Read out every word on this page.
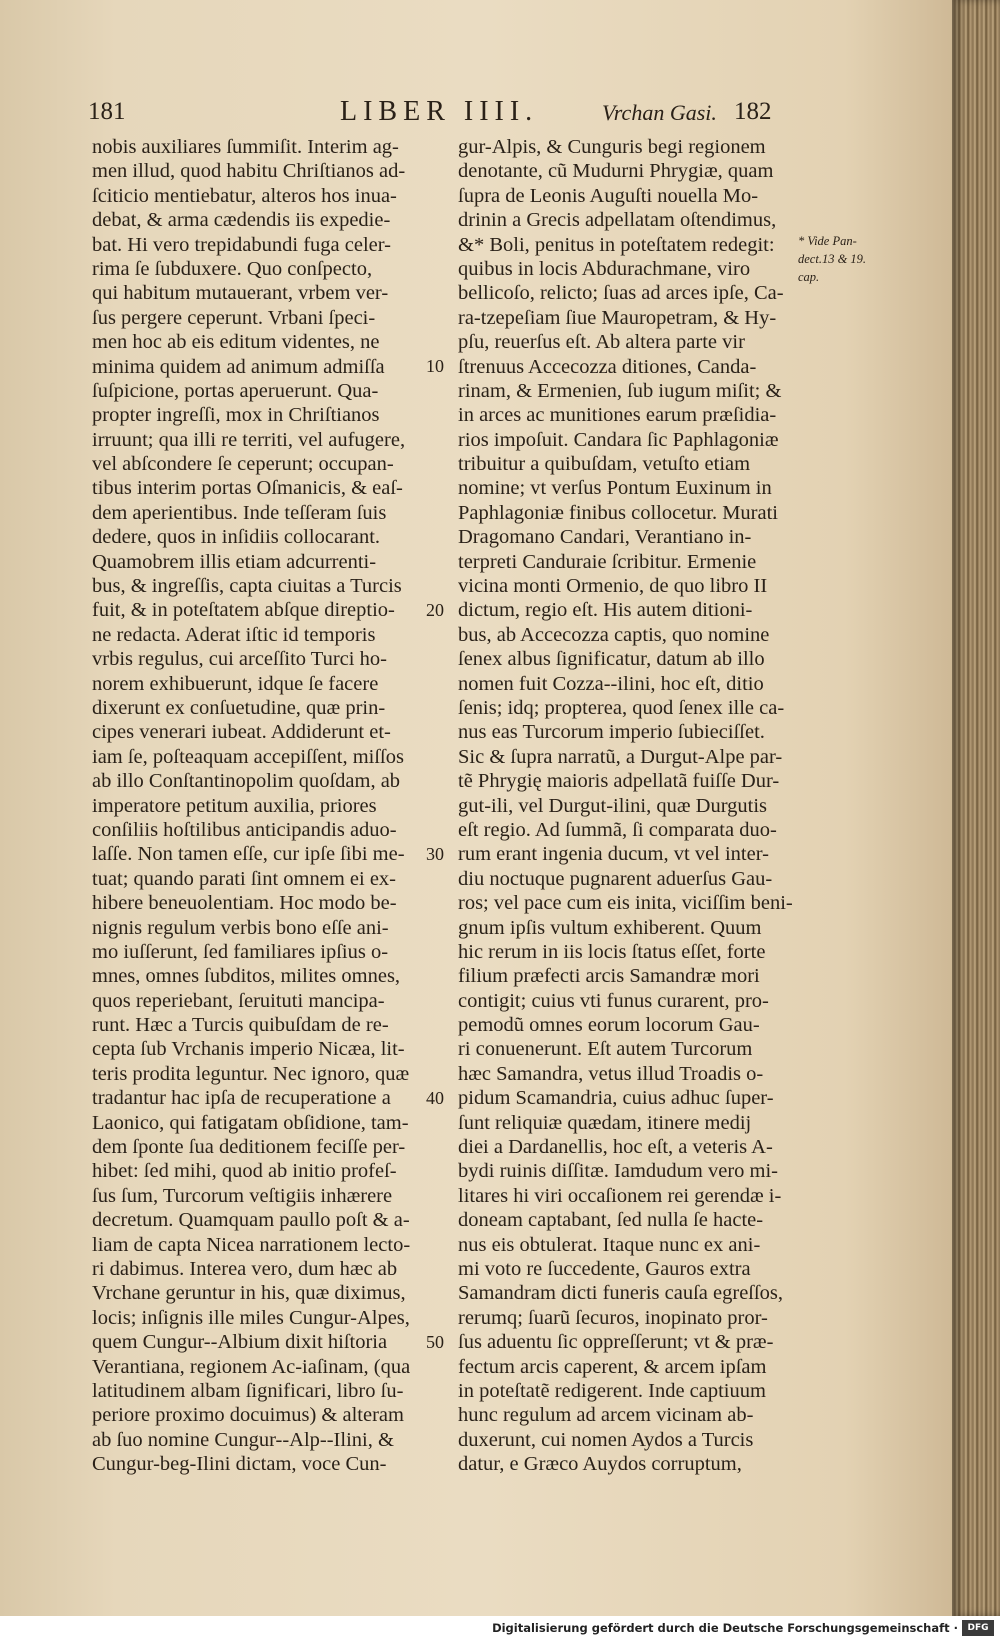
181	LIBER IIII.	Vrchan Gasi. 182
nobis auxiliares ſummiſit. Interim ag-
men illud, quod habitu Chriſtianos ad-
ſciticio mentiebatur, alteros hos inua-
debat, & arma cædendis iis expedie-
bat. Hi vero trepidabundi fuga celer-
rima ſe ſubduxere. Quo conſpecto,
qui habitum mutauerant, vrbem ver-
ſus pergere ceperunt. Vrbani ſpeci-
men hoc ab eis editum videntes, ne
minima quidem ad animum admiſſa
ſuſpicione, portas aperuerunt. Qua-
propter ingreſſi, mox in Chriſtianos
irruunt; qua illi re territi, vel aufugere,
vel abſcondere ſe ceperunt; occupan-
tibus interim portas Oſmanicis, & eaſ-
dem aperientibus. Inde teſſeram ſuis
dedere, quos in inſidiis collocarant.
Quamobrem illis etiam adcurrenti-
bus, & ingreſſis, capta ciuitas a Turcis
fuit, & in poteſtatem abſque direptio-
ne redacta. Aderat iſtic id temporis
vrbis regulus, cui arceſſito Turci ho-
norem exhibuerunt, idque ſe facere
dixerunt ex conſuetudine, quæ prin-
cipes venerari iubeat. Addiderunt et-
iam ſe, poſteaquam accepiſſent, miſſos
ab illo Conſtantinopolim quoſdam, ab
imperatore petitum auxilia, priores
conſiliis hoſtilibus anticipandis aduo-
laſſe. Non tamen eſſe, cur ipſe ſibi me-
tuat; quando parati ſint omnem ei ex-
hibere beneuolentiam. Hoc modo be-
nignis regulum verbis bono eſſe ani-
mo iuſſerunt, ſed familiares ipſius o-
mnes, omnes ſubditos, milites omnes,
quos reperiebant, ſeruituti mancipa-
runt. Hæc a Turcis quibuſdam de re-
cepta ſub Vrchanis imperio Nicæa, lit-
teris prodita leguntur. Nec ignoro, quæ
tradantur hac ipſa de recuperatione a
Laonico, qui fatigatam obſidione, tam-
dem ſponte ſua deditionem feciſſe per-
hibet: ſed mihi, quod ab initio profeſ-
ſus ſum, Turcorum veſtigiis inhærere
decretum. Quamquam paullo poſt & a-
liam de capta Nicea narrationem lecto-
ri dabimus. Interea vero, dum hæc ab
Vrchane geruntur in his, quæ diximus,
locis; inſignis ille miles Cungur-Alpes,
quem Cungur--Albium dixit hiſtoria
Verantiana, regionem Ac-iaſinam, (qua
latitudinem albam ſignificari, libro ſu-
periore proximo docuimus) & alteram
ab ſuo nomine Cungur--Alp--Ilini, &
Cungur-beg-Ilini dictam, voce Cun-
10
20
30
40
50
gur-Alpis, & Cunguris begi regionem
denotante, cũ Mudurni Phrygiæ, quam
ſupra de Leonis Auguſti nouella Mo-
drinin a Grecis adpellatam oſtendimus,
&* Boli, penitus in poteſtatem redegit:
quibus in locis Abdurachmane, viro
bellicoſo, relicto; ſuas ad arces ipſe, Ca-
ra-tzepeſiam ſiue Mauropetram, & Hy-
pſu, reuerſus eſt. Ab altera parte vir
ſtrenuus Accecozza ditiones, Canda-
rinam, & Ermenien, ſub iugum miſit; &
in arces ac munitiones earum præſidia-
rios impoſuit. Candara ſic Paphlagoniæ
tribuitur a quibuſdam, vetuſto etiam
nomine; vt verſus Pontum Euxinum in
Paphlagoniæ finibus collocetur. Murati
Dragomano Candari, Verantiano in-
terpreti Canduraie ſcribitur. Ermenie
vicina monti Ormenio, de quo libro II
dictum, regio eſt. His autem ditioni-
bus, ab Accecozza captis, quo nomine
ſenex albus ſignificatur, datum ab illo
nomen fuit Cozza--ilini, hoc eſt, ditio
ſenis; idq; propterea, quod ſenex ille ca-
nus eas Turcorum imperio ſubieciſſet.
Sic & ſupra narratũ, a Durgut-Alpe par-
tẽ Phrygię maioris adpellatã fuiſſe Dur-
gut-ili, vel Durgut-ilini, quæ Durgutis
eſt regio. Ad ſummã, ſi comparata duo-
rum erant ingenia ducum, vt vel inter-
diu noctuque pugnarent aduerſus Gau-
ros; vel pace cum eis inita, viciſſim beni-
gnum ipſis vultum exhiberent. Quum
hic rerum in iis locis ſtatus eſſet, forte
filium præfecti arcis Samandræ mori
contigit; cuius vti funus curarent, pro-
pemodũ omnes eorum locorum Gau-
ri conuenerunt. Eſt autem Turcorum
hæc Samandra, vetus illud Troadis o-
pidum Scamandria, cuius adhuc ſuper-
ſunt reliquiæ quædam, itinere medij
diei a Dardanellis, hoc eſt, a veteris A-
bydi ruinis diſſitæ. Iamdudum vero mi-
litares hi viri occaſionem rei gerendæ i-
doneam captabant, ſed nulla ſe hacte-
nus eis obtulerat. Itaque nunc ex ani-
mi voto re ſuccedente, Gauros extra
Samandram dicti funeris cauſa egreſſos,
rerumq; ſuarũ ſecuros, inopinato pror-
ſus aduentu ſic oppreſſerunt; vt & præ-
fectum arcis caperent, & arcem ipſam
in poteſtatẽ redigerent. Inde captiuum
hunc regulum ad arcem vicinam ab-
duxerunt, cui nomen Aydos a Turcis
datur, e Græco Auydos corruptum,
* Vide Pan-
dect.13 & 19.
cap.
Digitalisierung gefördert durch die Deutsche Forschungsgemeinschaft ·	DFG
